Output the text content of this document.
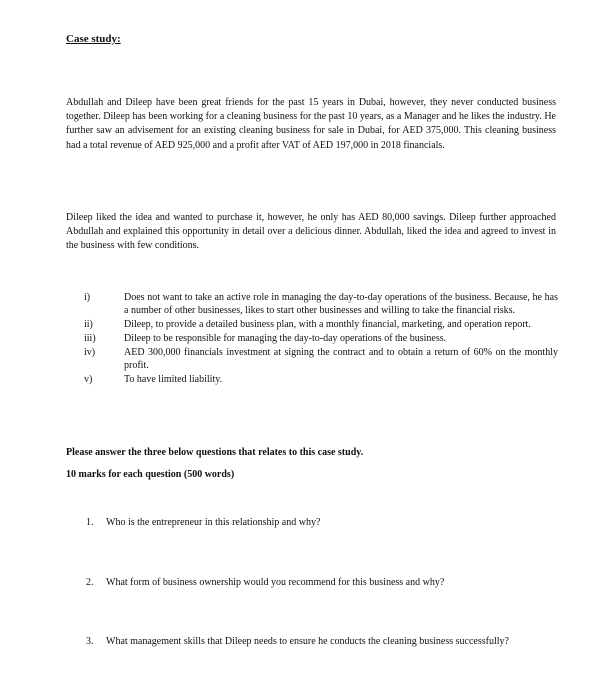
Case study:

Abdullah and Dileep have been great friends for the past 15 years in Dubai, however, they never conducted business together. Dileep has been working for a cleaning business for the past 10 years, as a Manager and he likes the industry. He further saw an advisement for an existing cleaning business for sale in Dubai, for AED 375,000. This cleaning business had a total revenue of AED 925,000 and a profit after VAT of AED 197,000 in 2018 financials.

Dileep liked the idea and wanted to purchase it, however, he only has AED 80,000 savings. Dileep further approached Abdullah and explained this opportunity in detail over a delicious dinner. Abdullah, liked the idea and agreed to invest in the business with few conditions.

i)	Does not want to take an active role in managing the day-to-day operations of the business. Because, he has a number of other businesses, likes to start other businesses and willing to take the financial risks.
ii)	Dileep, to provide a detailed business plan, with a monthly financial, marketing, and operation report.
iii)	Dileep to be responsible for managing the day-to-day operations of the business.
iv)	AED 300,000 financials investment at signing the contract and to obtain a return of 60% on the monthly profit.
v)	To have limited liability.
Please answer the three below questions that relates to this case study.
10 marks for each question (500 words)
1.	Who is the entrepreneur in this relationship and why?
2.	What form of business ownership would you recommend for this business and why?
3.	What management skills that Dileep needs to ensure he conducts the cleaning business successfully?
